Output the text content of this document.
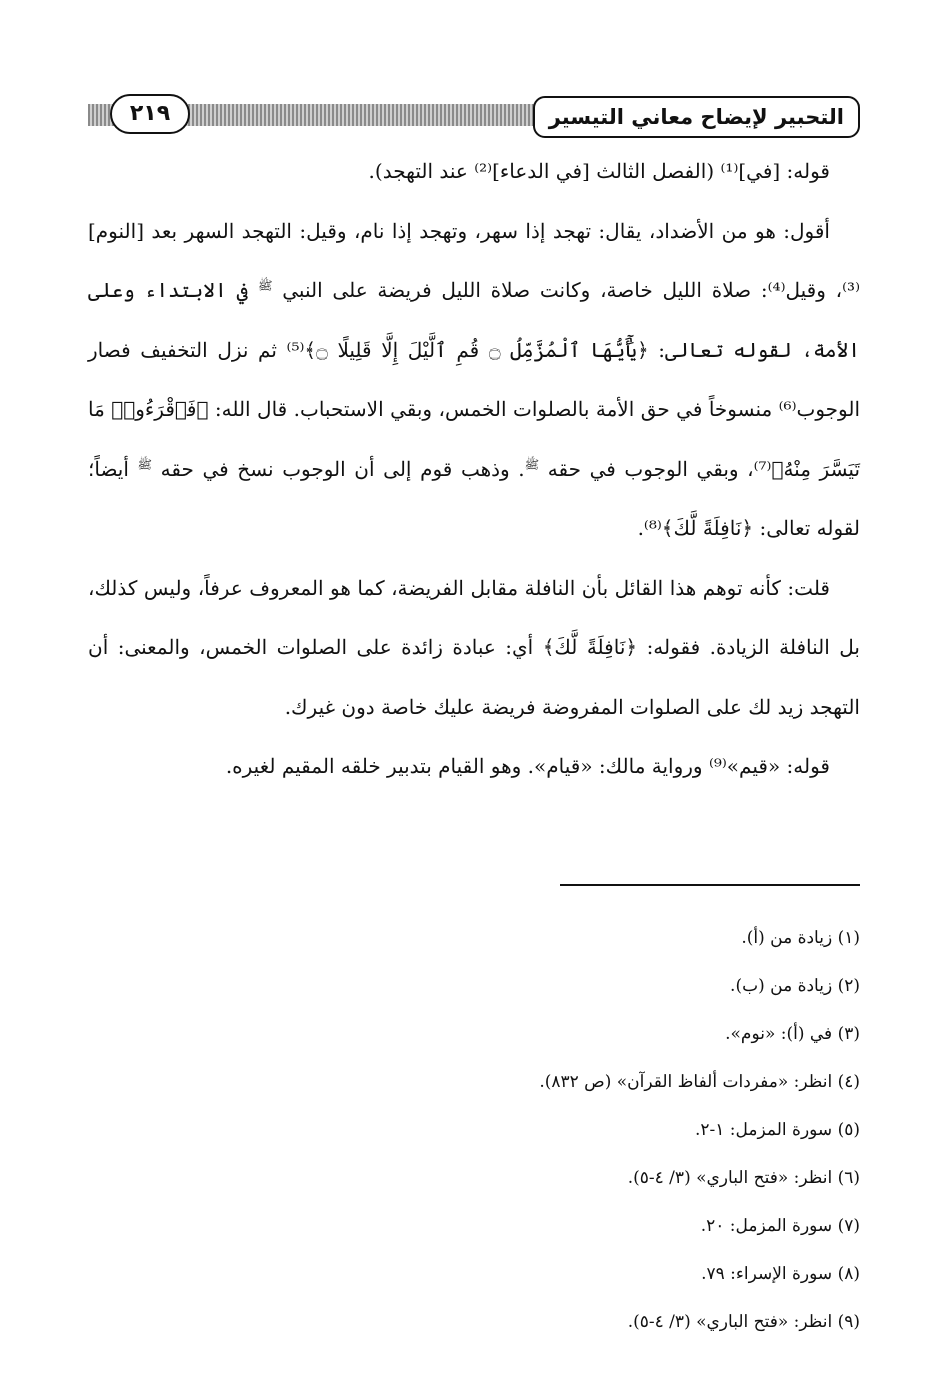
التحبير لإيضاح معاني التيسير
٢١٩

قوله: [في]⁽¹⁾ (الفصل الثالث [في الدعاء]⁽²⁾ عند التهجد).

أقول: هو من الأضداد، يقال: تهجد إذا سهر، وتهجد إذا نام، وقيل: التهجد السهر بعد [النوم]⁽³⁾، وقيل⁽⁴⁾: صلاة الليل خاصة، وكانت صلاة الليل فريضة على النبي $^ﷺ$ في الابتداء وعلى الأمة، لقوله تعالى: ﴿يَٰٓأَيُّهَا ٱلْمُزَّمِّلُ ۝ قُمِ ٱلَّيْلَ إِلَّا قَلِيلًا ۝﴾⁽⁵⁾ ثم نزل التخفيف فصار الوجوب⁽⁶⁾ منسوخاً في حق الأمة بالصلوات الخمس، وبقي الاستحباب. قال الله: ﴿فَٱقْرَءُوا۟ مَا تَيَسَّرَ مِنْهُ﴾⁽⁷⁾، وبقي الوجوب في حقه $^ﷺ$. وذهب قوم إلى أن الوجوب نسخ في حقه $^ﷺ$ أيضاً؛ لقوله تعالى: ﴿نَافِلَةً لَّكَ﴾⁽⁸⁾.

قلت: كأنه توهم هذا القائل بأن النافلة مقابل الفريضة، كما هو المعروف عرفاً، وليس كذلك، بل النافلة الزيادة. فقوله: ﴿نَافِلَةً لَّكَ﴾ أي: عبادة زائدة على الصلوات الخمس، والمعنى: أن التهجد زيد لك على الصلوات المفروضة فريضة عليك خاصة دون غيرك.

قوله: «قيم»⁽⁹⁾ ورواية مالك: «قيام». وهو القيام بتدبير خلقه المقيم لغيره.

(١) زيادة من (أ).
(٢) زيادة من (ب).
(٣) في (أ): «نوم».
(٤) انظر: «مفردات ألفاظ القرآن» (ص ٨٣٢).
(٥) سورة المزمل: ١-٢.
(٦) انظر: «فتح الباري» (٣/ ٤-٥).
(٧) سورة المزمل: ٢٠.
(٨) سورة الإسراء: ٧٩.
(٩) انظر: «فتح الباري» (٣/ ٤-٥).
